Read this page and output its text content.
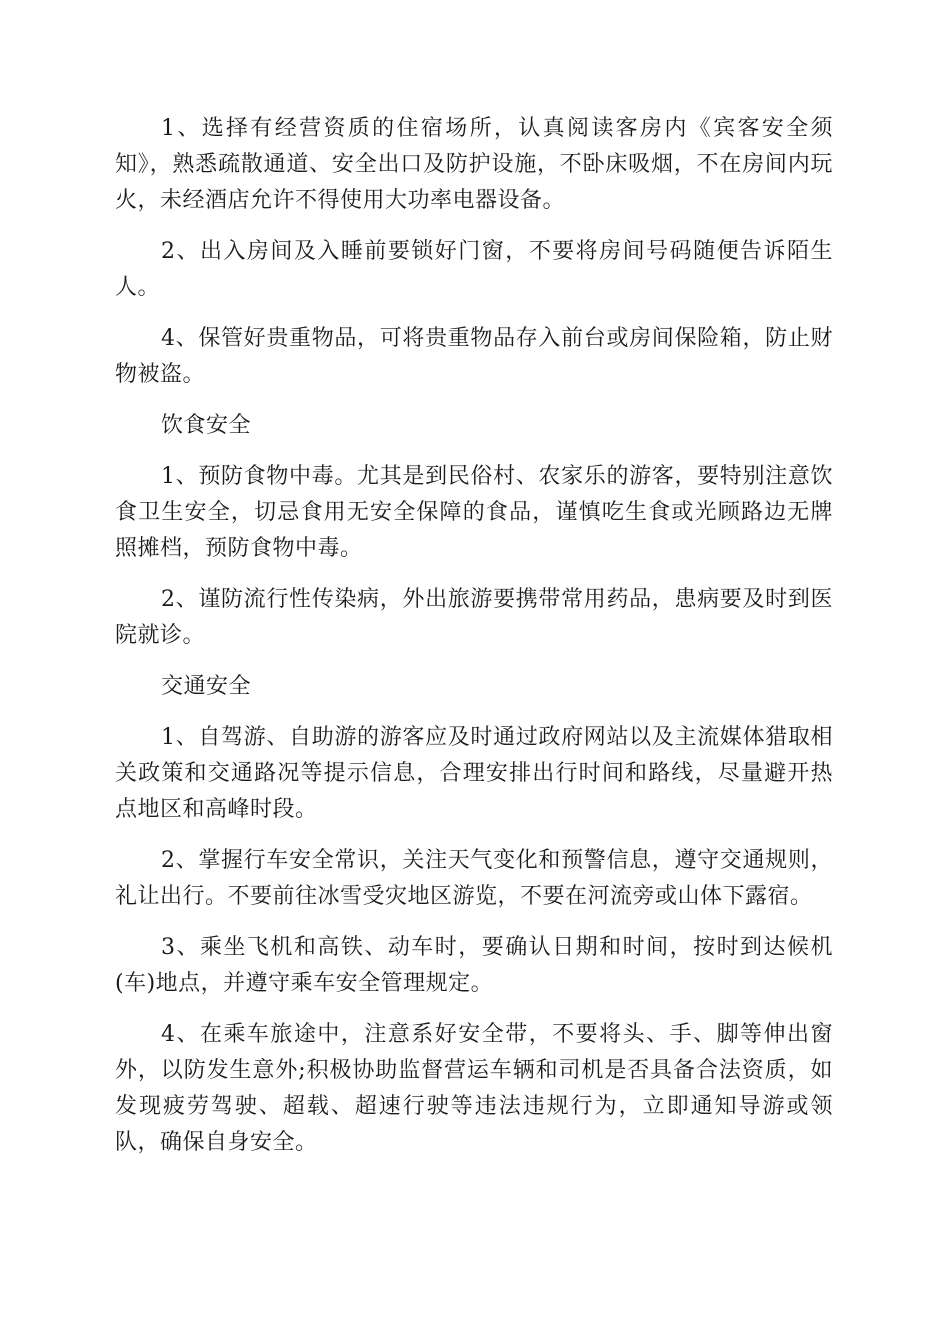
1、选择有经营资质的住宿场所，认真阅读客房内《宾客安全须知》，熟悉疏散通道、安全出口及防护设施，不卧床吸烟，不在房间内玩火，未经酒店允许不得使用大功率电器设备。

2、出入房间及入睡前要锁好门窗，不要将房间号码随便告诉陌生人。

4、保管好贵重物品，可将贵重物品存入前台或房间保险箱，防止财物被盗。

饮食安全

1、预防食物中毒。尤其是到民俗村、农家乐的游客，要特别注意饮食卫生安全，切忌食用无安全保障的食品，谨慎吃生食或光顾路边无牌照摊档，预防食物中毒。

2、谨防流行性传染病，外出旅游要携带常用药品，患病要及时到医院就诊。

交通安全

1、自驾游、自助游的游客应及时通过政府网站以及主流媒体猎取相关政策和交通路况等提示信息，合理安排出行时间和路线，尽量避开热点地区和高峰时段。

2、掌握行车安全常识，关注天气变化和预警信息，遵守交通规则，礼让出行。不要前往冰雪受灾地区游览，不要在河流旁或山体下露宿。

3、乘坐飞机和高铁、动车时，要确认日期和时间，按时到达候机(车)地点，并遵守乘车安全管理规定。

4、在乘车旅途中，注意系好安全带，不要将头、手、脚等伸出窗外，以防发生意外;积极协助监督营运车辆和司机是否具备合法资质，如发现疲劳驾驶、超载、超速行驶等违法违规行为，立即通知导游或领队，确保自身安全。
